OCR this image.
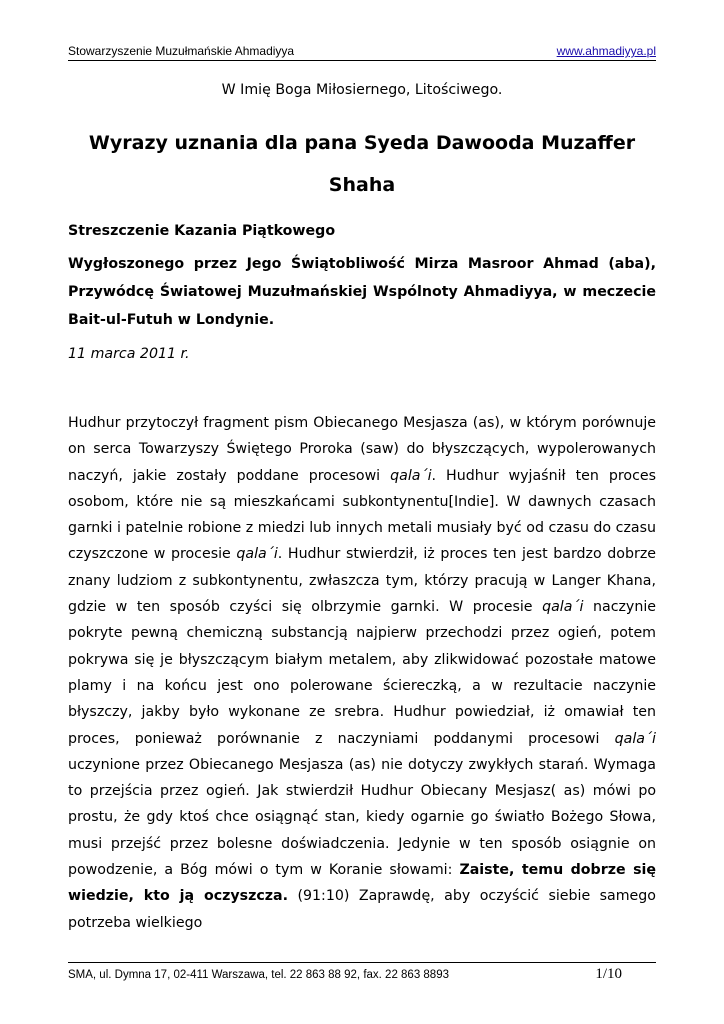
Stowarzyszenie Muzułmańskie Ahmadiyya	www.ahmadiyya.pl

W Imię Boga Miłosiernego, Litościwego.

Wyrazy uznania dla pana Syeda Dawooda Muzaffer Shaha

Streszczenie Kazania Piątkowego

Wygłoszonego przez Jego Świątobliwość Mirza Masroor Ahmad (aba), Przywódcę Światowej Muzułmańskiej Wspólnoty Ahmadiyya, w meczecie Bait-ul-Futuh w Londynie.

11 marca 2011 r.

Hudhur przytoczył fragment pism Obiecanego Mesjasza (as), w którym porównuje on serca Towarzyszy Świętego Proroka (saw) do błyszczących, wypolerowanych naczyń, jakie zostały poddane procesowi qala´i. Hudhur wyjaśnił ten proces osobom, które nie są mieszkańcami subkontynentu[Indie]. W dawnych czasach garnki i patelnie robione z miedzi lub innych metali musiały być od czasu do czasu czyszczone w procesie qala´i. Hudhur stwierdził, iż proces ten jest bardzo dobrze znany ludziom z subkontynentu, zwłaszcza tym, którzy pracują w Langer Khana, gdzie w ten sposób czyści się olbrzymie garnki. W procesie qala´i naczynie pokryte pewną chemiczną substancją najpierw przechodzi przez ogień, potem pokrywa się je błyszczącym białym metalem, aby zlikwidować pozostałe matowe plamy i na końcu jest ono polerowane ściereczką, a w rezultacie naczynie błyszczy, jakby było wykonane ze srebra. Hudhur powiedział, iż omawiał ten proces, ponieważ porównanie z naczyniami poddanymi procesowi qala´i uczynione przez Obiecanego Mesjasza (as) nie dotyczy zwykłych starań. Wymaga to przejścia przez ogień. Jak stwierdził Hudhur Obiecany Mesjasz( as) mówi po prostu, że gdy ktoś chce osiągnąć stan, kiedy ogarnie go światło Bożego Słowa, musi przejść przez bolesne doświadczenia. Jedynie w ten sposób osiągnie on powodzenie, a Bóg mówi o tym w Koranie słowami: Zaiste, temu dobrze się wiedzie, kto ją oczyszcza. (91:10) Zaprawdę, aby oczyścić siebie samego potrzeba wielkiego

SMA, ul. Dymna 17, 02-411 Warszawa, tel. 22 863 88 92, fax. 22 863 8893	1/10
